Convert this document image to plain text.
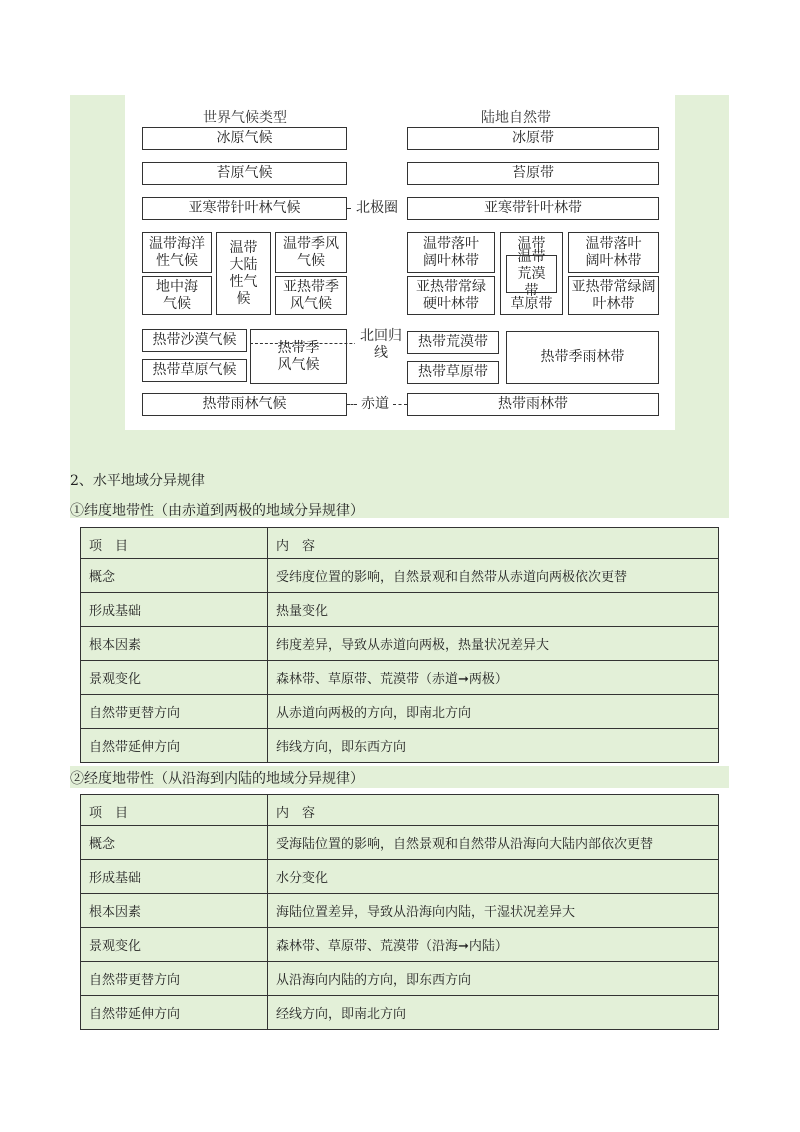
世界气候类型	陆地自然带
冰原气候	冰原带
苔原气候	苔原带
亚寒带针叶林气候	北极圈	亚寒带针叶林带
温带海洋性气候
温带大陆性气候
温带季风气候
地中海气候
亚热带季风气候
温带落叶阔叶林带
温带
温带荒漠带
草原带
温带落叶阔叶林带
亚热带常绿硬叶林带
亚热带常绿阔叶林带
热带沙漠气候	热带季风气候
热带草原气候
北回归线
热带荒漠带
热带草原带
热带季雨林带
热带雨林气候	赤道	热带雨林带
2、水平地域分异规律
①纬度地带性（由赤道到两极的地域分异规律）
项　目	内　容
概念	受纬度位置的影响，自然景观和自然带从赤道向两极依次更替
形成基础	热量变化
根本因素	纬度差异，导致从赤道向两极，热量状况差异大
景观变化	森林带、草原带、荒漠带（赤道➞两极）
自然带更替方向	从赤道向两极的方向，即南北方向
自然带延伸方向	纬线方向，即东西方向
②经度地带性（从沿海到内陆的地域分异规律）
项　目	内　容
概念	受海陆位置的影响，自然景观和自然带从沿海向大陆内部依次更替
形成基础	水分变化
根本因素	海陆位置差异，导致从沿海向内陆，干湿状况差异大
景观变化	森林带、草原带、荒漠带（沿海➞内陆）
自然带更替方向	从沿海向内陆的方向，即东西方向
自然带延伸方向	经线方向，即南北方向
